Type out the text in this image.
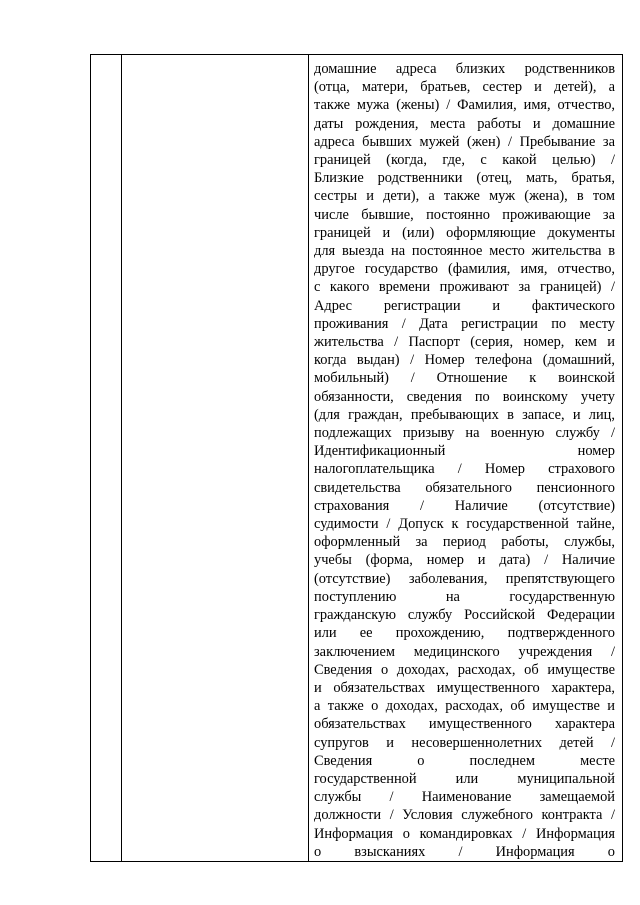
домашние адреса близких родственников
(отца, матери, братьев, сестер и детей), а
также мужа (жены) / Фамилия, имя, отчество,
даты рождения, места работы и домашние
адреса бывших мужей (жен) / Пребывание за
границей (когда, где, с какой целью) /
Близкие родственники (отец, мать, братья,
сестры и дети), а также муж (жена), в том
числе бывшие, постоянно проживающие за
границей и (или) оформляющие документы
для выезда на постоянное место жительства в
другое государство (фамилия, имя, отчество,
с какого времени проживают за границей) /
Адрес регистрации и фактического
проживания / Дата регистрации по месту
жительства / Паспорт (серия, номер, кем и
когда выдан) / Номер телефона (домашний,
мобильный) / Отношение к воинской
обязанности, сведения по воинскому учету
(для граждан, пребывающих в запасе, и лиц,
подлежащих призыву на военную службу /
Идентификационный номер
налогоплательщика / Номер страхового
свидетельства обязательного пенсионного
страхования / Наличие (отсутствие)
судимости / Допуск к государственной тайне,
оформленный за период работы, службы,
учебы (форма, номер и дата) / Наличие
(отсутствие) заболевания, препятствующего
поступлению на государственную
гражданскую службу Российской Федерации
или ее прохождению, подтвержденного
заключением медицинского учреждения /
Сведения о доходах, расходах, об имуществе
и обязательствах имущественного характера,
а также о доходах, расходах, об имуществе и
обязательствах имущественного характера
супругов и несовершеннолетних детей /
Сведения о последнем месте
государственной или муниципальной
службы / Наименование замещаемой
должности / Условия служебного контракта /
Информация о командировках / Информация
о взысканиях / Информация о
